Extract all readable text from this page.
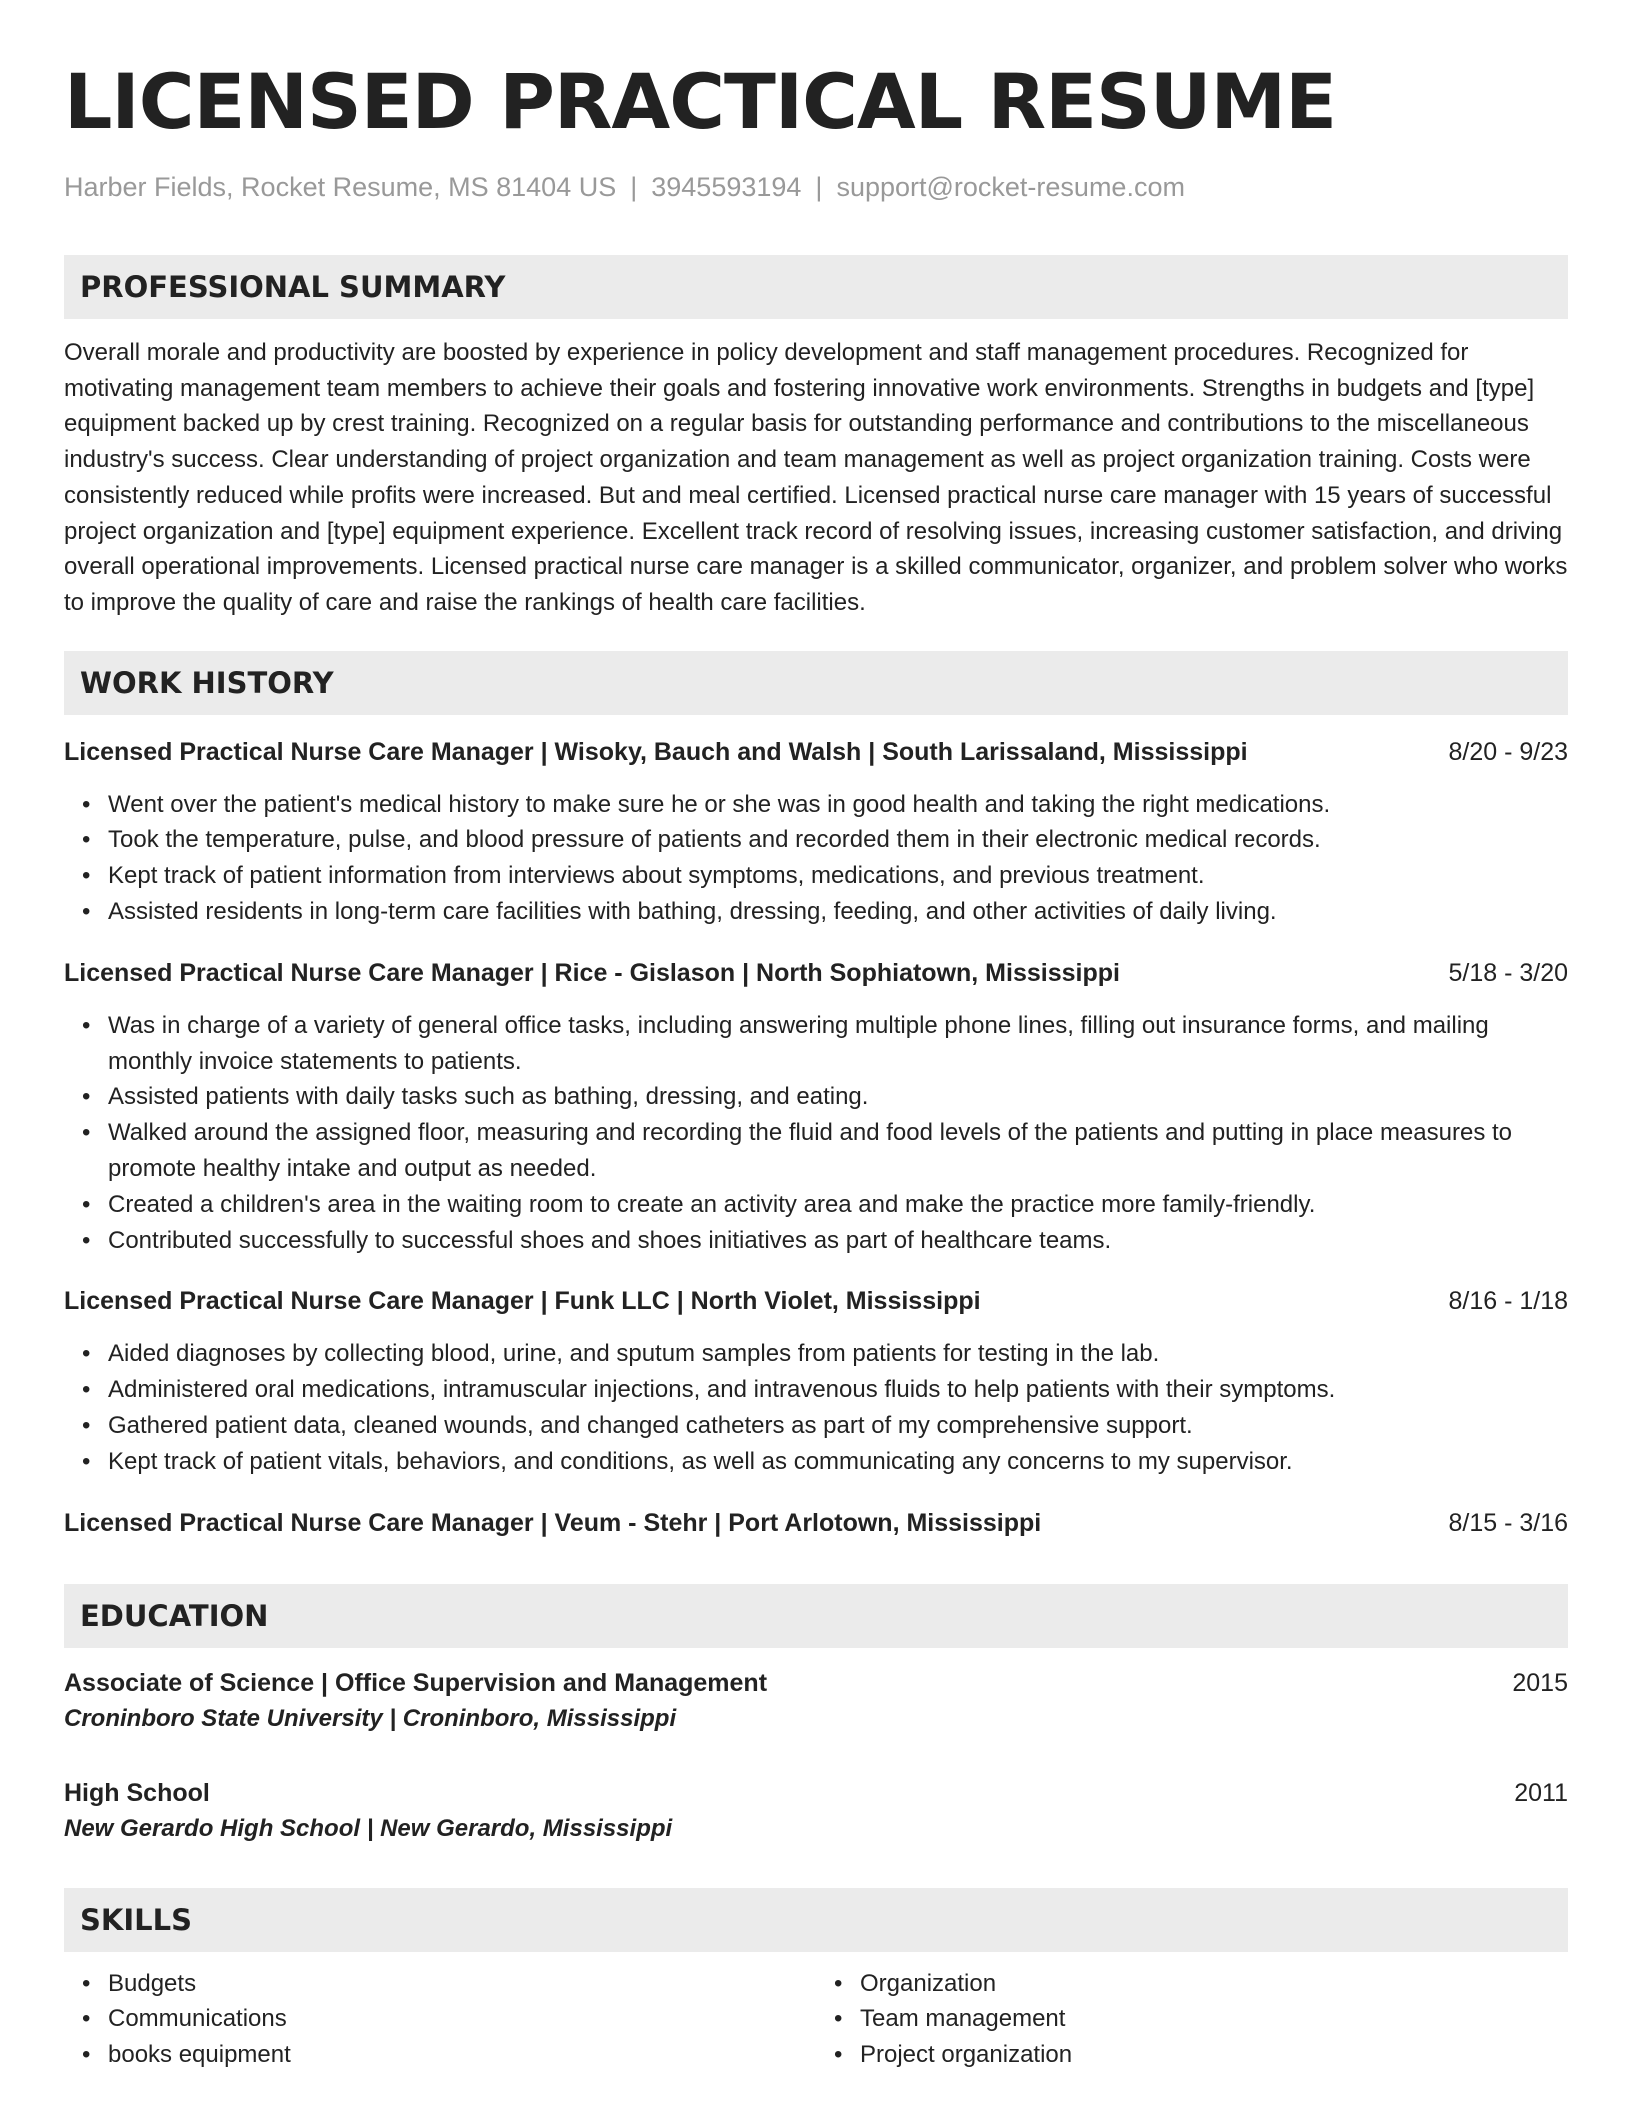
LICENSED PRACTICAL RESUME
Harber Fields, Rocket Resume, MS 81404 US | 3945593194 | support@rocket-resume.com
PROFESSIONAL SUMMARY

Overall morale and productivity are boosted by experience in policy development and staff management procedures. Recognized for motivating management team members to achieve their goals and fostering innovative work environments. Strengths in budgets and [type] equipment backed up by crest training. Recognized on a regular basis for outstanding performance and contributions to the miscellaneous industry's success. Clear understanding of project organization and team management as well as project organization training. Costs were consistently reduced while profits were increased. But and meal certified. Licensed practical nurse care manager with 15 years of successful project organization and [type] equipment experience. Excellent track record of resolving issues, increasing customer satisfaction, and driving overall operational improvements. Licensed practical nurse care manager is a skilled communicator, organizer, and problem solver who works to improve the quality of care and raise the rankings of health care facilities.

WORK HISTORY
Licensed Practical Nurse Care Manager | Wisoky, Bauch and Walsh | South Larissaland, Mississippi	8/20 - 9/23
• Went over the patient's medical history to make sure he or she was in good health and taking the right medications.
• Took the temperature, pulse, and blood pressure of patients and recorded them in their electronic medical records.
• Kept track of patient information from interviews about symptoms, medications, and previous treatment.
• Assisted residents in long-term care facilities with bathing, dressing, feeding, and other activities of daily living.
Licensed Practical Nurse Care Manager | Rice - Gislason | North Sophiatown, Mississippi	5/18 - 3/20
• Was in charge of a variety of general office tasks, including answering multiple phone lines, filling out insurance forms, and mailing monthly invoice statements to patients.
• Assisted patients with daily tasks such as bathing, dressing, and eating.
• Walked around the assigned floor, measuring and recording the fluid and food levels of the patients and putting in place measures to promote healthy intake and output as needed.
• Created a children's area in the waiting room to create an activity area and make the practice more family-friendly.
• Contributed successfully to successful shoes and shoes initiatives as part of healthcare teams.
Licensed Practical Nurse Care Manager | Funk LLC | North Violet, Mississippi	8/16 - 1/18
• Aided diagnoses by collecting blood, urine, and sputum samples from patients for testing in the lab.
• Administered oral medications, intramuscular injections, and intravenous fluids to help patients with their symptoms.
• Gathered patient data, cleaned wounds, and changed catheters as part of my comprehensive support.
• Kept track of patient vitals, behaviors, and conditions, as well as communicating any concerns to my supervisor.
Licensed Practical Nurse Care Manager | Veum - Stehr | Port Arlotown, Mississippi	8/15 - 3/16
EDUCATION
Associate of Science | Office Supervision and Management	2015
Croninboro State University | Croninboro, Mississippi
High School	2011
New Gerardo High School | New Gerardo, Mississippi
SKILLS
• Budgets
• Communications
• books equipment
• Organization
• Team management
• Project organization
